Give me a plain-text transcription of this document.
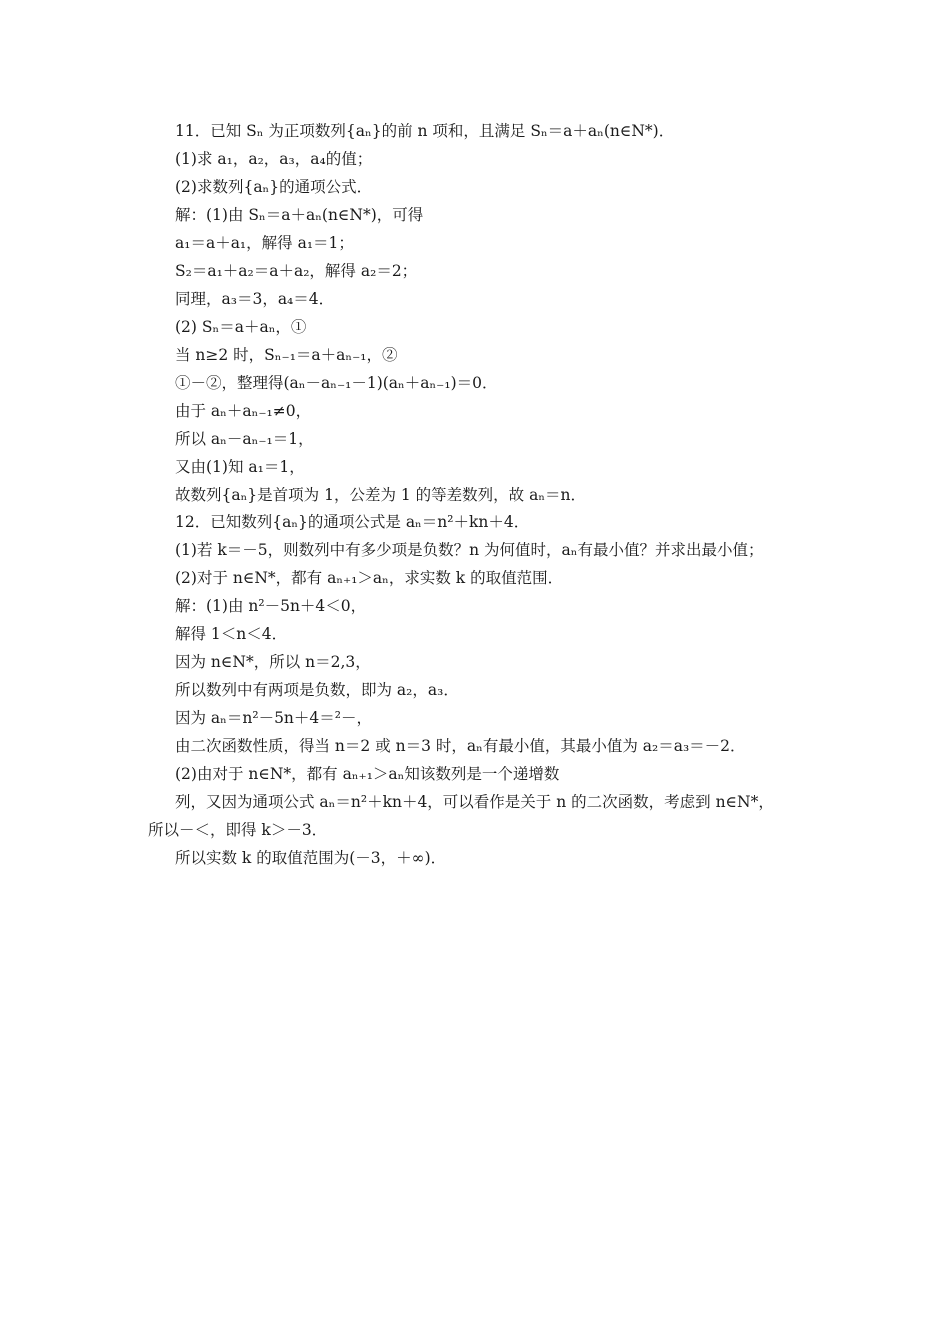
11．已知 Sₙ 为正项数列{aₙ}的前 n 项和，且满足 Sₙ＝a＋aₙ(n∈N*)．
(1)求 a₁，a₂，a₃，a₄的值；
(2)求数列{aₙ}的通项公式．
解：(1)由 Sₙ＝a＋aₙ(n∈N*)，可得
a₁＝a＋a₁，解得 a₁＝1；
S₂＝a₁＋a₂＝a＋a₂，解得 a₂＝2；
同理，a₃＝3，a₄＝4．
(2) Sₙ＝a＋aₙ，①
当 n≥2 时，Sₙ₋₁＝a＋aₙ₋₁，②
①－②，整理得(aₙ－aₙ₋₁－1)(aₙ＋aₙ₋₁)＝0．
由于 aₙ＋aₙ₋₁≠0，
所以 aₙ－aₙ₋₁＝1，
又由(1)知 a₁＝1，
故数列{aₙ}是首项为 1，公差为 1 的等差数列，故 aₙ＝n．
12．已知数列{aₙ}的通项公式是 aₙ＝n²＋kn＋4．
(1)若 k＝－5，则数列中有多少项是负数？n 为何值时，aₙ有最小值？并求出最小值；
(2)对于 n∈N*，都有 aₙ₊₁＞aₙ，求实数 k 的取值范围．
解：(1)由 n²－5n＋4＜0，
解得 1＜n＜4．
因为 n∈N*，所以 n＝2,3，
所以数列中有两项是负数，即为 a₂，a₃．
因为 aₙ＝n²－5n＋4＝²－，
由二次函数性质，得当 n＝2 或 n＝3 时，aₙ有最小值，其最小值为 a₂＝a₃＝－2．
(2)由对于 n∈N*，都有 aₙ₊₁＞aₙ知该数列是一个递增数
列，又因为通项公式 aₙ＝n²＋kn＋4，可以看作是关于 n 的二次函数，考虑到 n∈N*，
所以－＜，即得 k＞－3．
所以实数 k 的取值范围为(－3，＋∞)．
